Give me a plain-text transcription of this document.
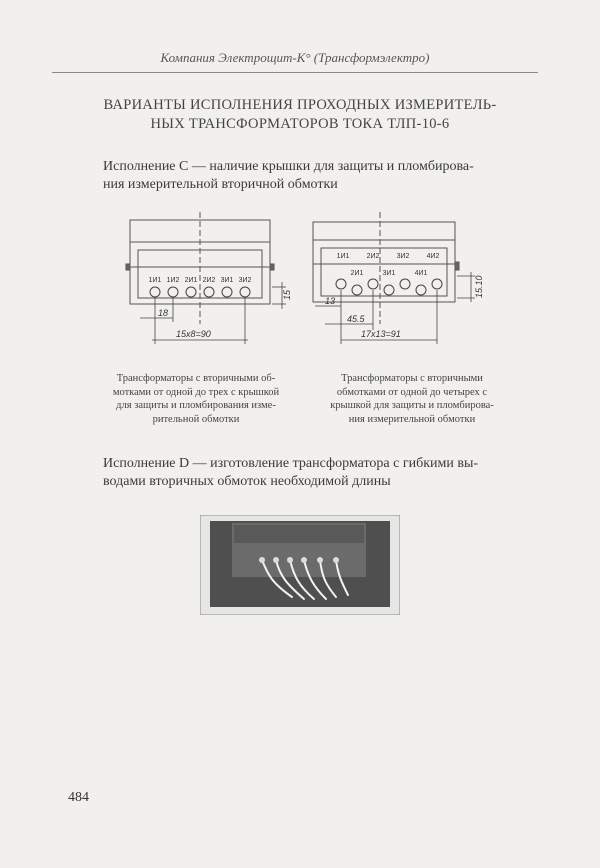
Компания Электрощит-К° (Трансформэлектро)
ВАРИАНТЫ ИСПОЛНЕНИЯ ПРОХОДНЫХ ИЗМЕРИТЕЛЬ-
НЫХ ТРАНСФОРМАТОРОВ ТОКА ТЛП-10-6
Исполнение C — наличие крышки для защиты и пломбирова-
ния измерительной вторичной обмотки
1И1 1И2 2И1 2И2 3И1 3И2
15
18
15x8=90
1И1 2И2 3И2 4И2
2И1	3И1	4И1
15.10
13
45.5
17x13=91
Трансформаторы с вторичными об-
мотками от одной до трех с крышкой
для защиты и пломбирования изме-
рительной обмотки
Трансформаторы с вторичными
обмотками от одной до четырех с
крышкой для защиты и пломбирова-
ния измерительной обмотки
Исполнение D — изготовление трансформатора с гибкими вы-
водами вторичных обмоток необходимой длины
484
